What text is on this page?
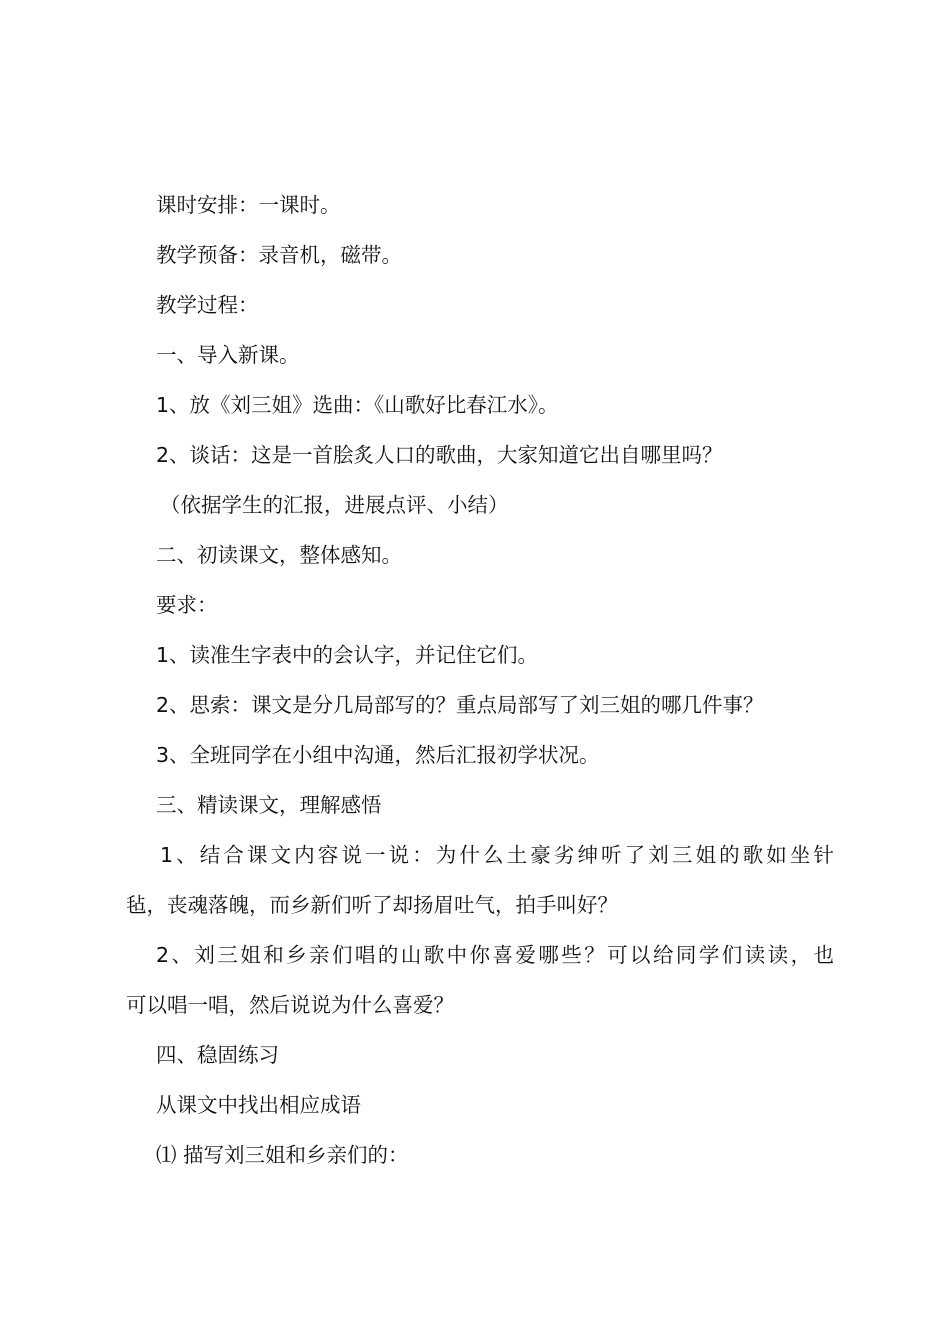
课时安排：一课时。
教学预备：录音机，磁带。
教学过程：
一、导入新课。
1、放《刘三姐》选曲：《山歌好比春江水》。
2、谈话：这是一首脍炙人口的歌曲，大家知道它出自哪里吗？
（依据学生的汇报，进展点评、小结）
二、初读课文，整体感知。
要求：
1、读准生字表中的会认字，并记住它们。
2、思索：课文是分几局部写的？重点局部写了刘三姐的哪几件事？
3、全班同学在小组中沟通，然后汇报初学状况。
三、精读课文，理解感悟
1、结合课文内容说一说：为什么土豪劣绅听了刘三姐的歌如坐针
毡，丧魂落魄，而乡新们听了却扬眉吐气，拍手叫好？
2、刘三姐和乡亲们唱的山歌中你喜爱哪些？可以给同学们读读，也
可以唱一唱，然后说说为什么喜爱？
四、稳固练习
从课文中找出相应成语
⑴ 描写刘三姐和乡亲们的：
